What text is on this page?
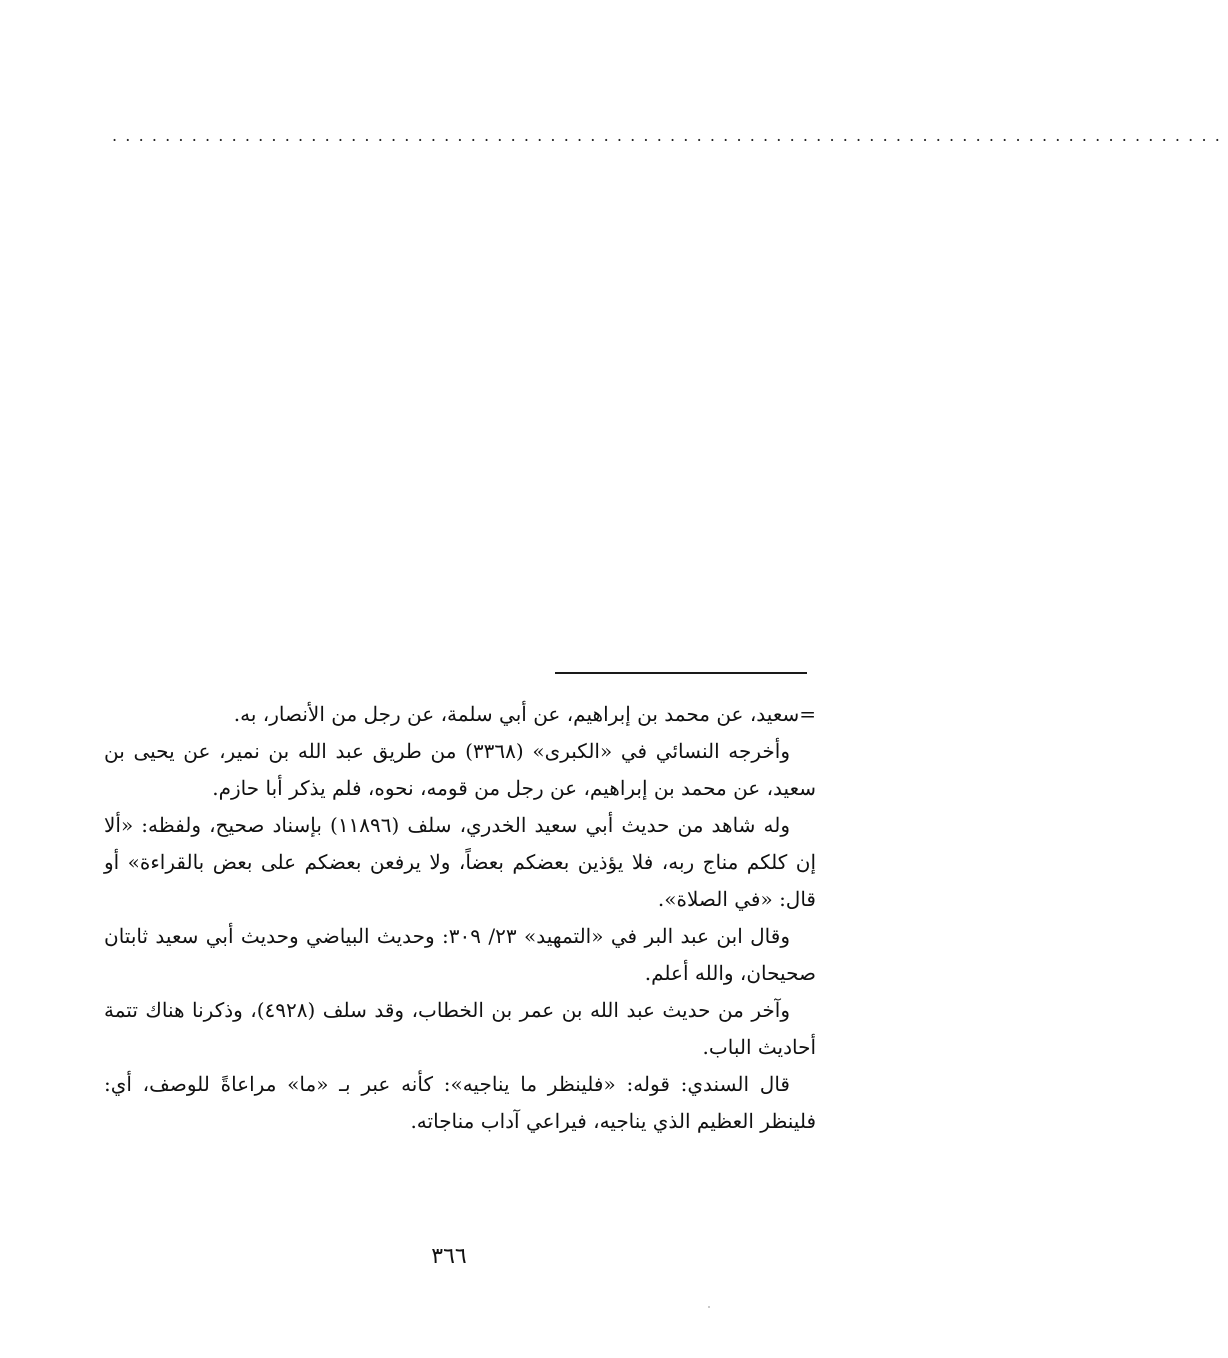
....................................................................................

=سعيد، عن محمد بن إبراهيم، عن أبي سلمة، عن رجل من الأنصار، به.

وأخرجه النسائي في «الكبرى» (٣٣٦٨) من طريق عبد الله بن نمير، عن يحيى بن سعيد، عن محمد بن إبراهيم، عن رجل من قومه، نحوه، فلم يذكر أبا حازم.

وله شاهد من حديث أبي سعيد الخدري، سلف (١١٨٩٦) بإسناد صحيح، ولفظه: «ألا إن كلكم مناج ربه، فلا يؤذين بعضكم بعضاً، ولا يرفعن بعضكم على بعض بالقراءة» أو قال: «في الصلاة».

وقال ابن عبد البر في «التمهيد» ٢٣/ ٣٠٩: وحديث البياضي وحديث أبي سعيد ثابتان صحيحان، والله أعلم.

وآخر من حديث عبد الله بن عمر بن الخطاب، وقد سلف (٤٩٢٨)، وذكرنا هناك تتمة أحاديث الباب.

قال السندي: قوله: «فلينظر ما يناجيه»: كأنه عبر بـ «ما» مراعاةً للوصف، أي: فلينظر العظيم الذي يناجيه، فيراعي آداب مناجاته.

٣٦٦
